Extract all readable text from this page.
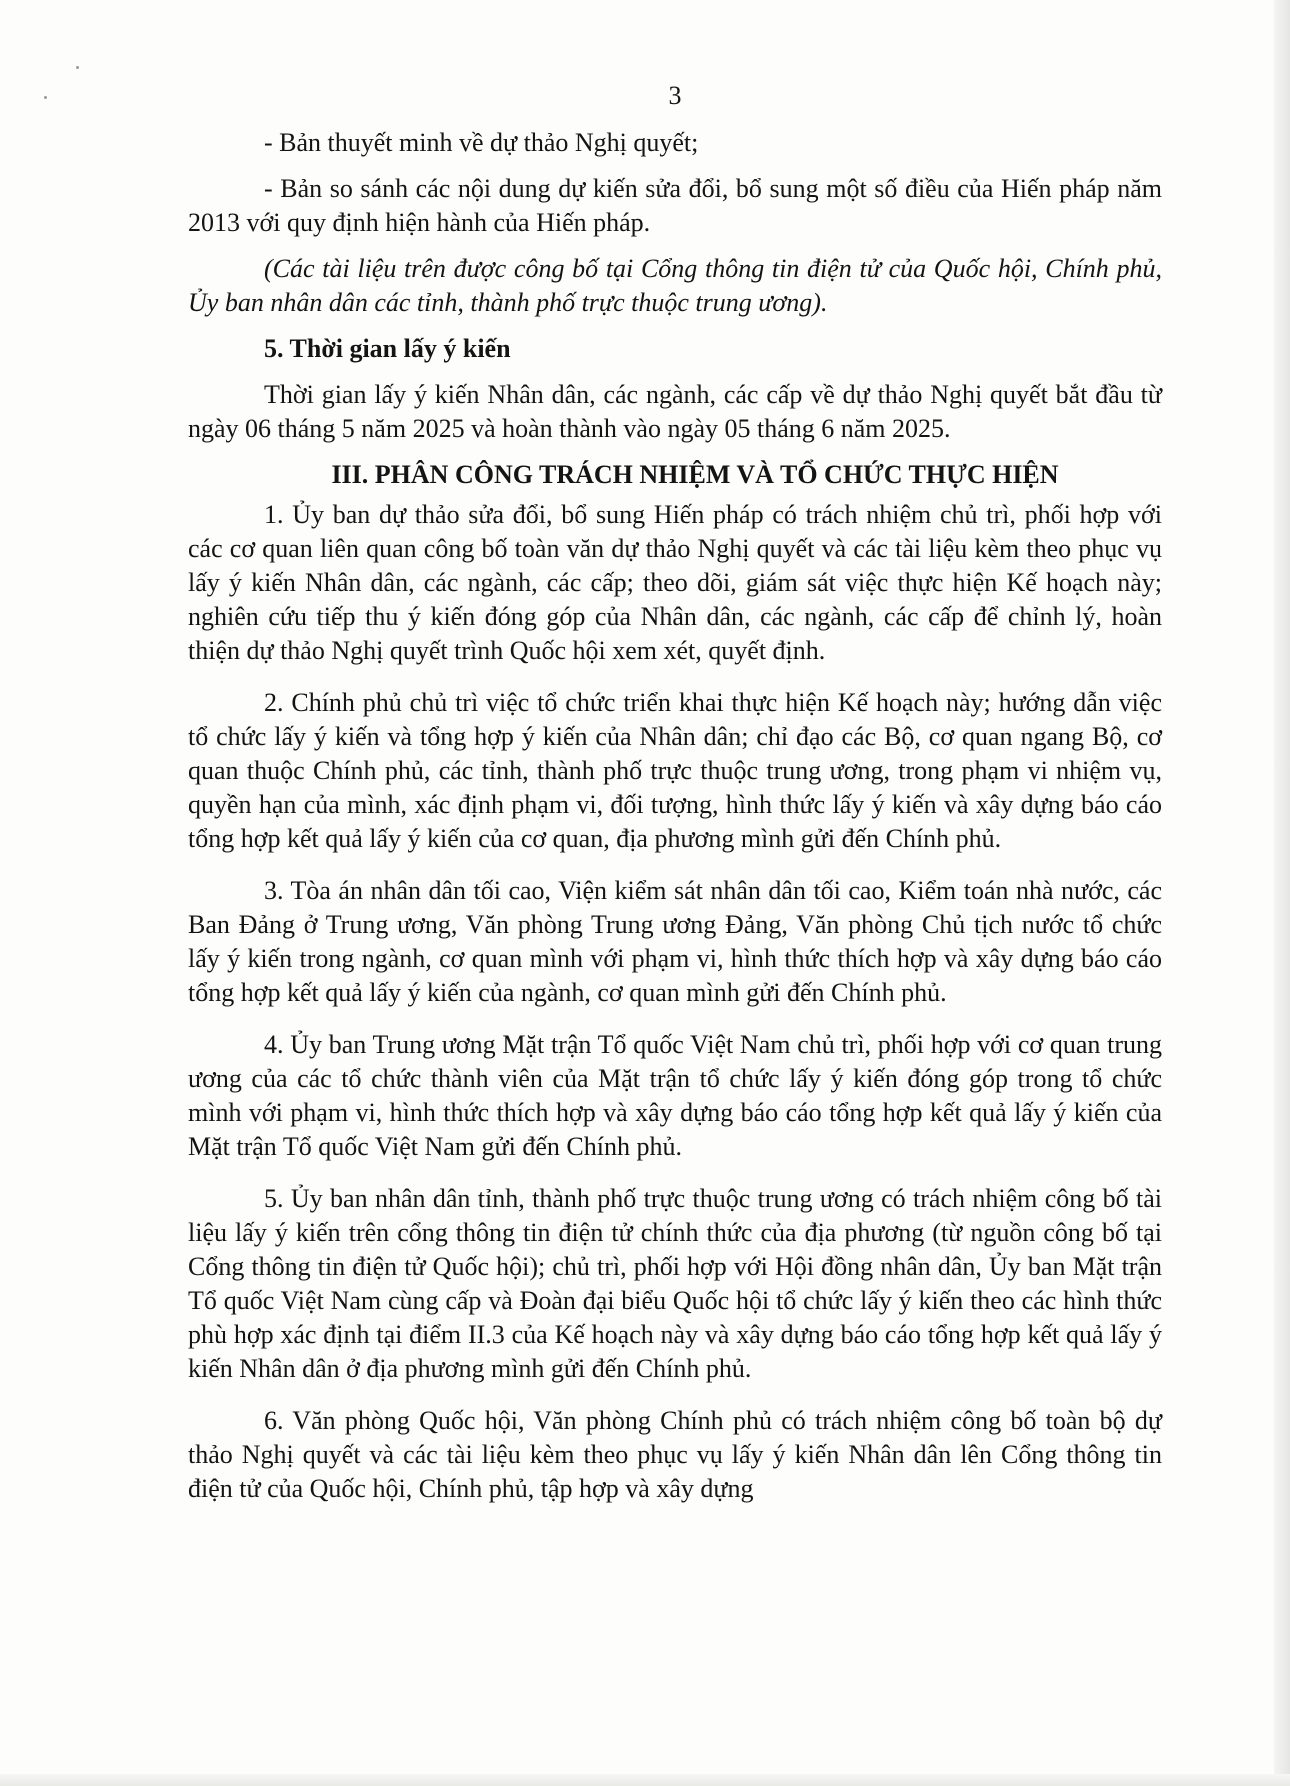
3

- Bản thuyết minh về dự thảo Nghị quyết;

- Bản so sánh các nội dung dự kiến sửa đổi, bổ sung một số điều của Hiến pháp năm 2013 với quy định hiện hành của Hiến pháp.

(Các tài liệu trên được công bố tại Cổng thông tin điện tử của Quốc hội, Chính phủ, Ủy ban nhân dân các tỉnh, thành phố trực thuộc trung ương).

5. Thời gian lấy ý kiến

Thời gian lấy ý kiến Nhân dân, các ngành, các cấp về dự thảo Nghị quyết bắt đầu từ ngày 06 tháng 5 năm 2025 và hoàn thành vào ngày 05 tháng 6 năm 2025.

III. PHÂN CÔNG TRÁCH NHIỆM VÀ TỔ CHỨC THỰC HIỆN

1. Ủy ban dự thảo sửa đổi, bổ sung Hiến pháp có trách nhiệm chủ trì, phối hợp với các cơ quan liên quan công bố toàn văn dự thảo Nghị quyết và các tài liệu kèm theo phục vụ lấy ý kiến Nhân dân, các ngành, các cấp; theo dõi, giám sát việc thực hiện Kế hoạch này; nghiên cứu tiếp thu ý kiến đóng góp của Nhân dân, các ngành, các cấp để chỉnh lý, hoàn thiện dự thảo Nghị quyết trình Quốc hội xem xét, quyết định.

2. Chính phủ chủ trì việc tổ chức triển khai thực hiện Kế hoạch này; hướng dẫn việc tổ chức lấy ý kiến và tổng hợp ý kiến của Nhân dân; chỉ đạo các Bộ, cơ quan ngang Bộ, cơ quan thuộc Chính phủ, các tỉnh, thành phố trực thuộc trung ương, trong phạm vi nhiệm vụ, quyền hạn của mình, xác định phạm vi, đối tượng, hình thức lấy ý kiến và xây dựng báo cáo tổng hợp kết quả lấy ý kiến của cơ quan, địa phương mình gửi đến Chính phủ.

3. Tòa án nhân dân tối cao, Viện kiểm sát nhân dân tối cao, Kiểm toán nhà nước, các Ban Đảng ở Trung ương, Văn phòng Trung ương Đảng, Văn phòng Chủ tịch nước tổ chức lấy ý kiến trong ngành, cơ quan mình với phạm vi, hình thức thích hợp và xây dựng báo cáo tổng hợp kết quả lấy ý kiến của ngành, cơ quan mình gửi đến Chính phủ.

4. Ủy ban Trung ương Mặt trận Tổ quốc Việt Nam chủ trì, phối hợp với cơ quan trung ương của các tổ chức thành viên của Mặt trận tổ chức lấy ý kiến đóng góp trong tổ chức mình với phạm vi, hình thức thích hợp và xây dựng báo cáo tổng hợp kết quả lấy ý kiến của Mặt trận Tổ quốc Việt Nam gửi đến Chính phủ.

5. Ủy ban nhân dân tỉnh, thành phố trực thuộc trung ương có trách nhiệm công bố tài liệu lấy ý kiến trên cổng thông tin điện tử chính thức của địa phương (từ nguồn công bố tại Cổng thông tin điện tử Quốc hội); chủ trì, phối hợp với Hội đồng nhân dân, Ủy ban Mặt trận Tổ quốc Việt Nam cùng cấp và Đoàn đại biểu Quốc hội tổ chức lấy ý kiến theo các hình thức phù hợp xác định tại điểm II.3 của Kế hoạch này và xây dựng báo cáo tổng hợp kết quả lấy ý kiến Nhân dân ở địa phương mình gửi đến Chính phủ.

6. Văn phòng Quốc hội, Văn phòng Chính phủ có trách nhiệm công bố toàn bộ dự thảo Nghị quyết và các tài liệu kèm theo phục vụ lấy ý kiến Nhân dân lên Cổng thông tin điện tử của Quốc hội, Chính phủ, tập hợp và xây dựng
